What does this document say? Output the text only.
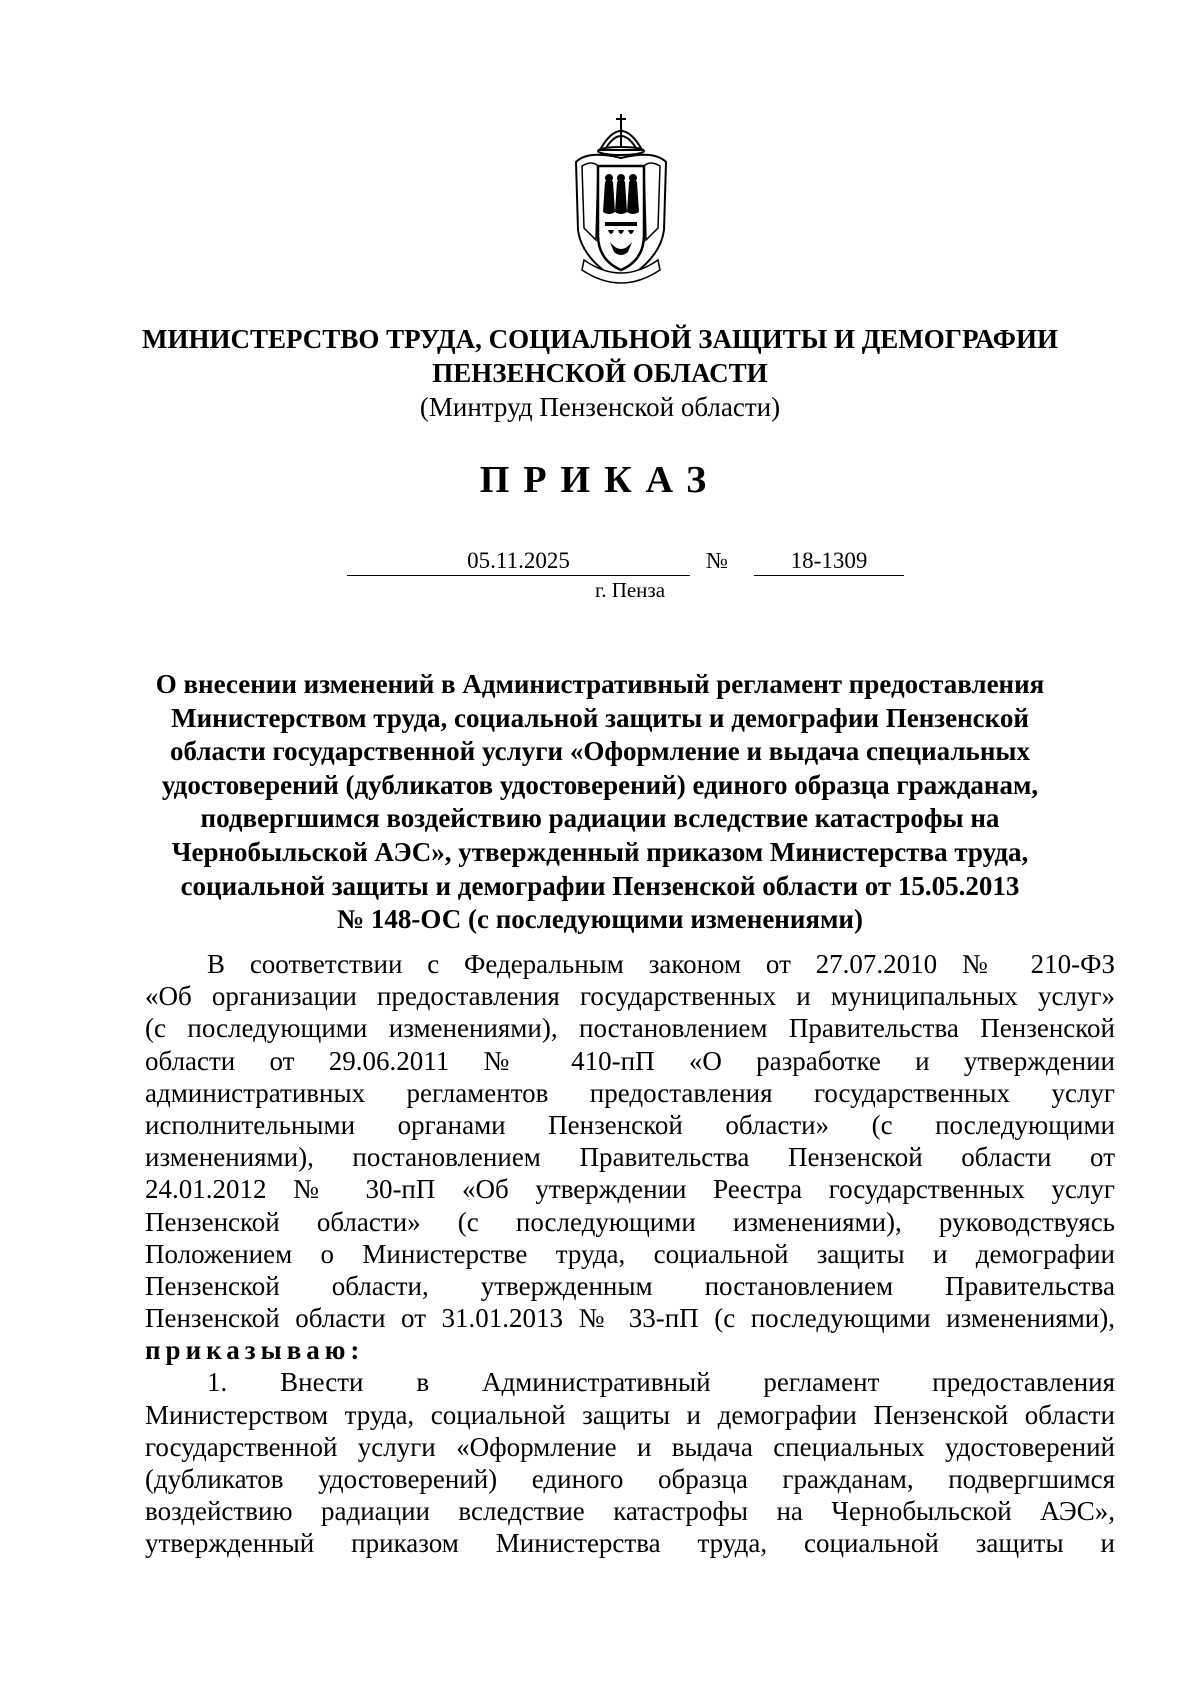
МИНИСТЕРСТВО ТРУДА, СОЦИАЛЬНОЙ ЗАЩИТЫ И ДЕМОГРАФИИ
ПЕНЗЕНСКОЙ ОБЛАСТИ
(Минтруд Пензенской области)
ПРИКАЗ
05.11.2025	№	18-1309
г. Пенза
О внесении изменений в Административный регламент предоставления
Министерством труда, социальной защиты и демографии Пензенской
области государственной услуги «Оформление и выдача специальных
удостоверений (дубликатов удостоверений) единого образца гражданам,
подвергшимся воздействию радиации вследствие катастрофы на
Чернобыльской АЭС», утвержденный приказом Министерства труда,
социальной защиты и демографии Пензенской области от 15.05.2013
№ 148-ОС (с последующими изменениями)
В соответствии с Федеральным законом от 27.07.2010 № 210-ФЗ
«Об организации предоставления государственных и муниципальных услуг»
(с последующими изменениями), постановлением Правительства Пензенской
области от 29.06.2011 № 410-пП «О разработке и утверждении
административных регламентов предоставления государственных услуг
исполнительными органами Пензенской области» (с последующими
изменениями), постановлением Правительства Пензенской области от
24.01.2012 № 30-пП «Об утверждении Реестра государственных услуг
Пензенской области» (с последующими изменениями), руководствуясь
Положением о Министерстве труда, социальной защиты и демографии
Пензенской области, утвержденным постановлением Правительства
Пензенской области от 31.01.2013 № 33-пП (с последующими изменениями),
приказываю:
1. Внести в Административный регламент предоставления
Министерством труда, социальной защиты и демографии Пензенской области
государственной услуги «Оформление и выдача специальных удостоверений
(дубликатов удостоверений) единого образца гражданам, подвергшимся
воздействию радиации вследствие катастрофы на Чернобыльской АЭС»,
утвержденный приказом Министерства труда, социальной защиты и
